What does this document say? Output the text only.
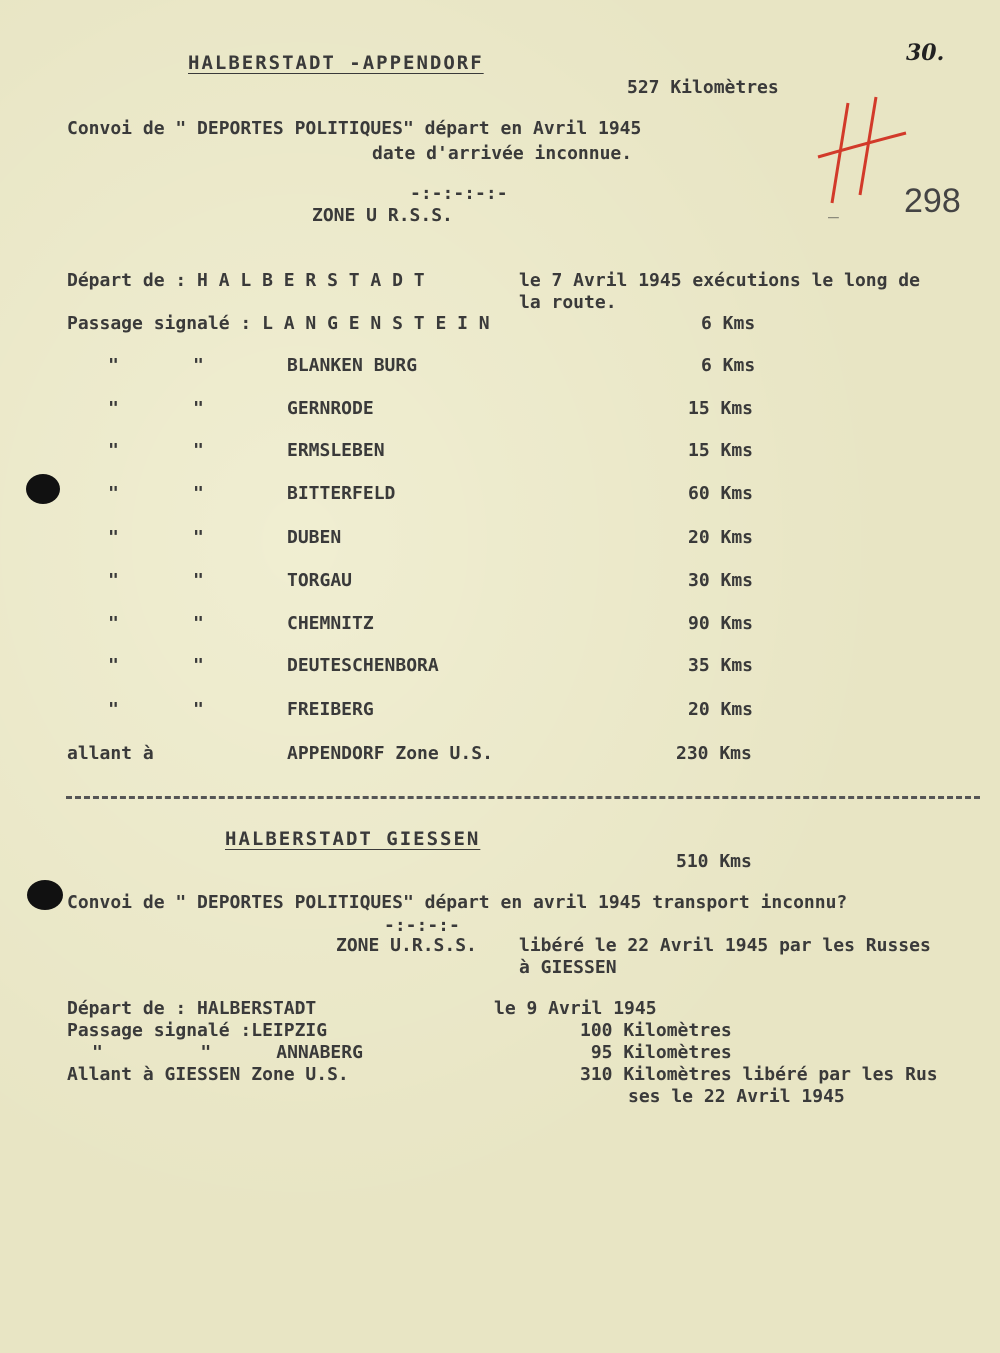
30.
_ 298
HALBERSTADT -APPENDORF
527 Kilomètres
Convoi de " DEPORTES POLITIQUES" départ en Avril 1945
date d'arrivée inconnue.
-:-:-:-:-
ZONE U R.S.S.
Départ de : H A L B E R S T A D T	le 7 Avril 1945 exécutions le long de
la route.
Passage signalé : L A N G E N S T E I N	6 Kms
"	"	BLANKEN BURG	6 Kms
"	"	GERNRODE	15 Kms
"	"	ERMSLEBEN	15 Kms
"	"	BITTERFELD	60 Kms
"	"	DUBEN	20 Kms
"	"	TORGAU	30 Kms
"	"	CHEMNITZ	90 Kms
"	"	DEUTESCHENBORA	35 Kms
"	"	FREIBERG	20 Kms
allant à	APPENDORF Zone U.S.	230 Kms
HALBERSTADT GIESSEN
510 Kms
Convoi de " DEPORTES POLITIQUES" départ en avril 1945 transport inconnu?
-:-:-:-
ZONE U.R.S.S. libéré le 22 Avril 1945 par les Russes
à GIESSEN
Départ de : HALBERSTADT	le 9 Avril 1945
Passage signalé :LEIPZIG	100 Kilomètres
"         "      ANNABERG	95 Kilomètres
Allant à GIESSEN Zone U.S.	310 Kilomètres libéré par les Rus
ses le 22 Avril 1945
